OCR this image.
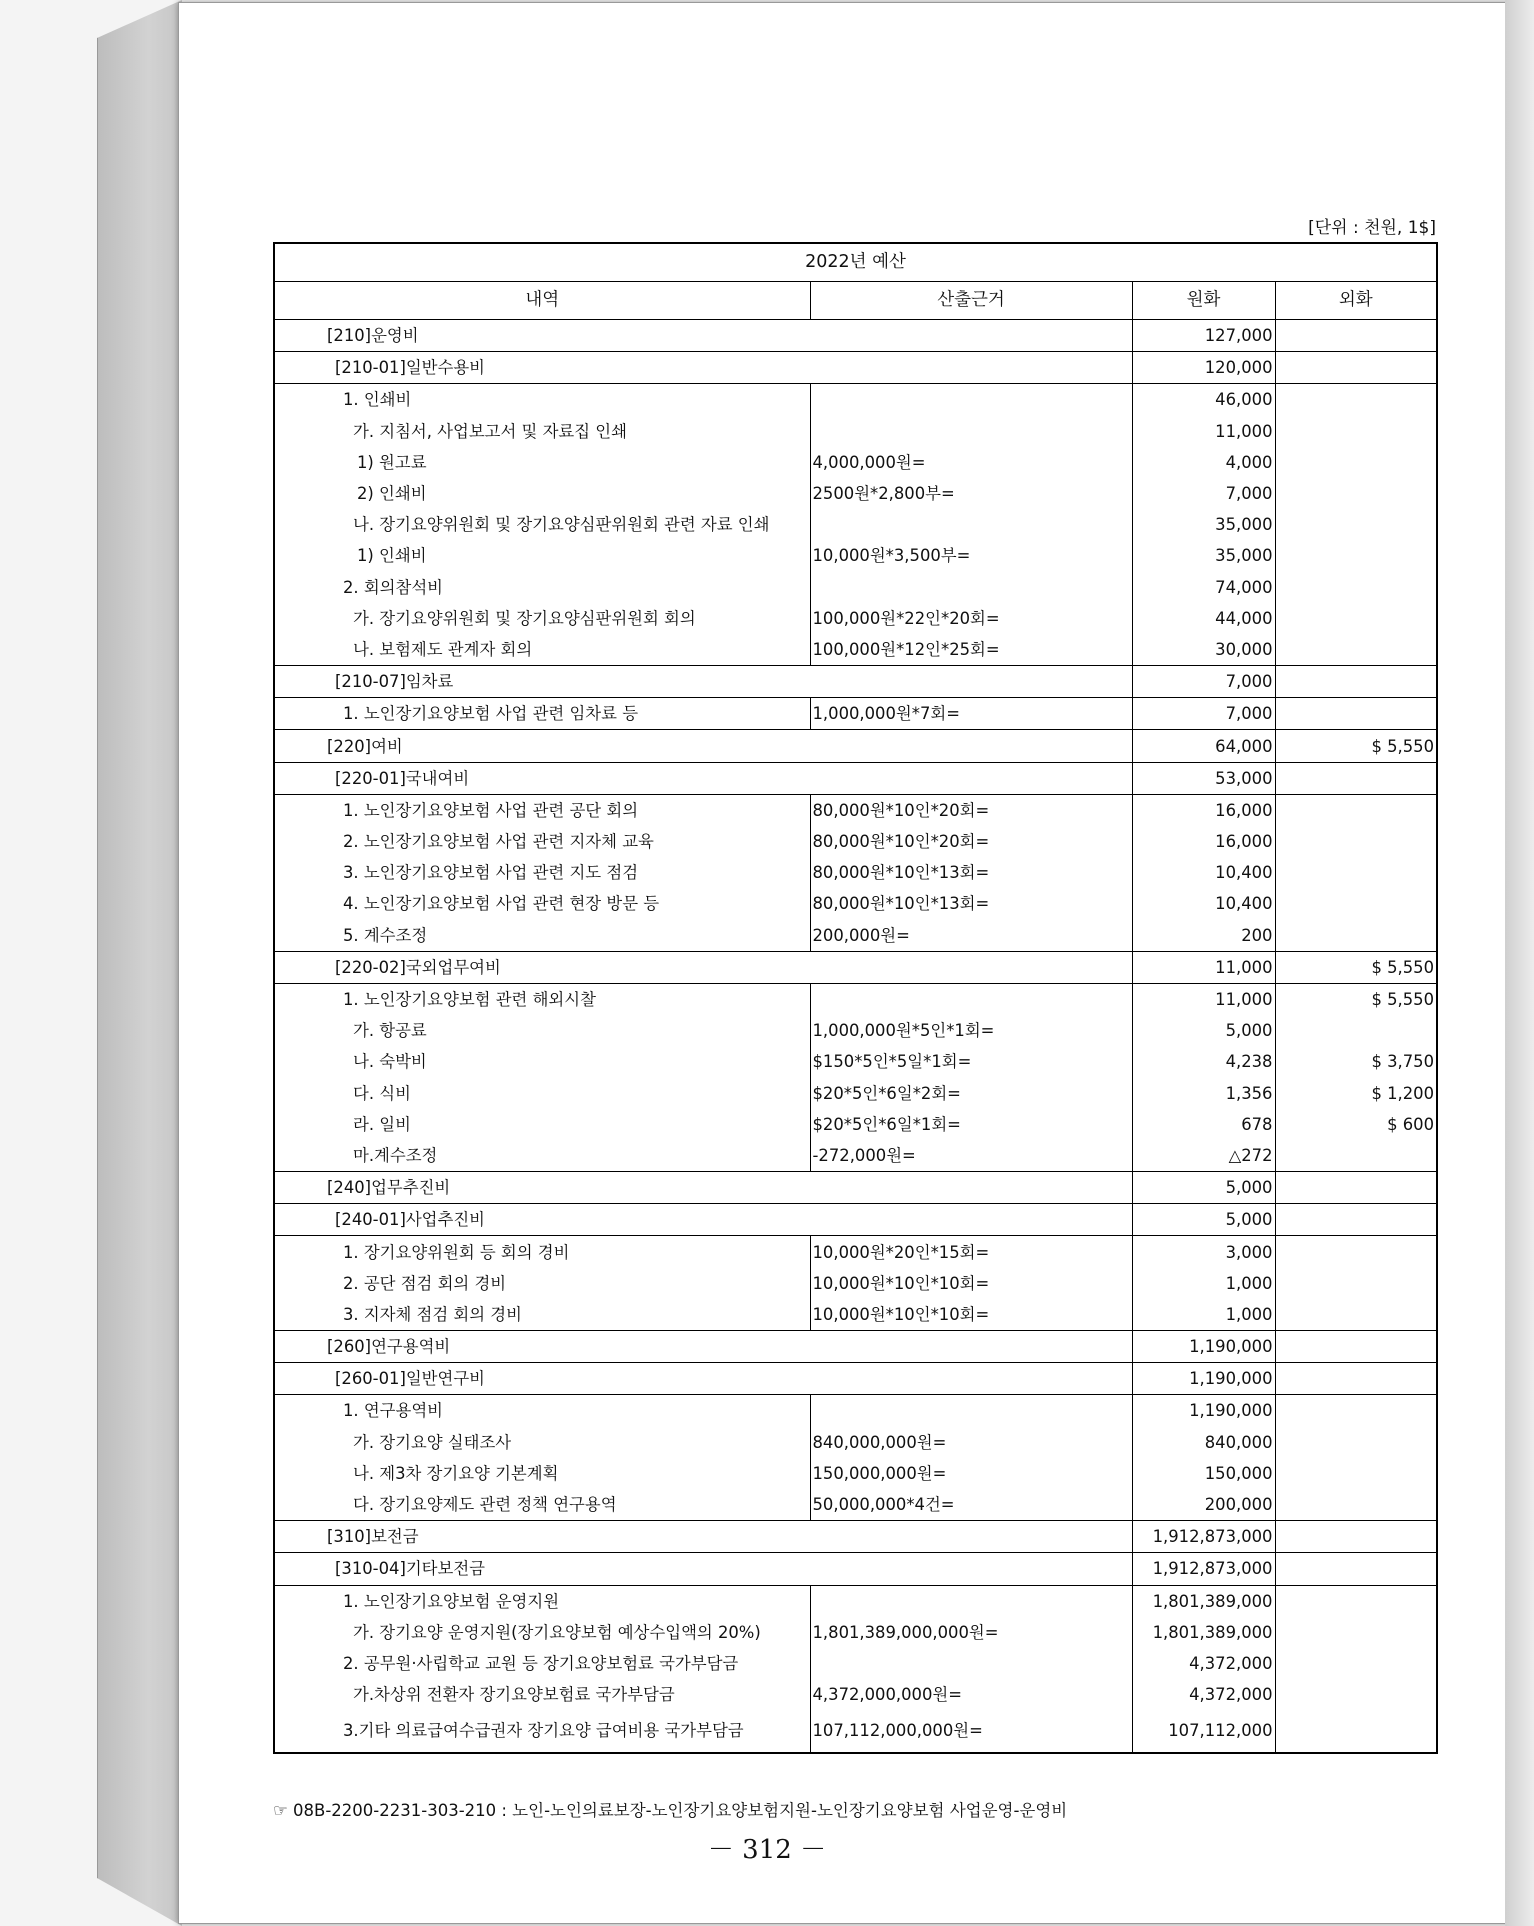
[단위 : 천원, 1$]
2022년 예산			
내역	산출근거	원화	외화
[210]운영비		127,000	
[210-01]일반수용비		120,000	
1. 인쇄비		46,000	
가. 지침서, 사업보고서 및 자료집 인쇄		11,000	
1) 원고료	4,000,000원=	4,000	
2) 인쇄비	2500원*2,800부=	7,000	
나. 장기요양위원회 및 장기요양심판위원회 관련 자료 인쇄		35,000	
1) 인쇄비	10,000원*3,500부=	35,000	
2. 회의참석비		74,000	
가. 장기요양위원회 및 장기요양심판위원회 회의	100,000원*22인*20회=	44,000	
나. 보험제도 관계자 회의	100,000원*12인*25회=	30,000	
[210-07]임차료		7,000	
1. 노인장기요양보험 사업 관련 임차료 등	1,000,000원*7회=	7,000	
[220]여비		64,000	$ 5,550
[220-01]국내여비		53,000	
1. 노인장기요양보험 사업 관련 공단 회의	80,000원*10인*20회=	16,000	
2. 노인장기요양보험 사업 관련 지자체 교육	80,000원*10인*20회=	16,000	
3. 노인장기요양보험 사업 관련 지도 점검	80,000원*10인*13회=	10,400	
4. 노인장기요양보험 사업 관련 현장 방문 등	80,000원*10인*13회=	10,400	
5. 계수조정	200,000원=	200	
[220-02]국외업무여비		11,000	$ 5,550
1. 노인장기요양보험 관련 해외시찰		11,000	$ 5,550
가. 항공료	1,000,000원*5인*1회=	5,000	
나. 숙박비	$150*5인*5일*1회=	4,238	$ 3,750
다. 식비	$20*5인*6일*2회=	1,356	$ 1,200
라. 일비	$20*5인*6일*1회=	678	$ 600
마.계수조정	-272,000원=	△272	
[240]업무추진비		5,000	
[240-01]사업추진비		5,000	
1. 장기요양위원회 등 회의 경비	10,000원*20인*15회=	3,000	
2. 공단 점검 회의 경비	10,000원*10인*10회=	1,000	
3. 지자체 점검 회의 경비	10,000원*10인*10회=	1,000	
[260]연구용역비		1,190,000	
[260-01]일반연구비		1,190,000	
1. 연구용역비		1,190,000	
가. 장기요양 실태조사	840,000,000원=	840,000	
나. 제3차 장기요양 기본계획	150,000,000원=	150,000	
다. 장기요양제도 관련 정책 연구용역	50,000,000*4건=	200,000	
[310]보전금		1,912,873,000	
[310-04]기타보전금		1,912,873,000	
1. 노인장기요양보험 운영지원		1,801,389,000	
가. 장기요양 운영지원(장기요양보험 예상수입액의 20%)	1,801,389,000,000원=	1,801,389,000	
2. 공무원·사립학교 교원 등 장기요양보험료 국가부담금		4,372,000	
가.차상위 전환자 장기요양보험료 국가부담금	4,372,000,000원=	4,372,000	
3.기타 의료급여수급권자 장기요양 급여비용 국가부담금	107,112,000,000원=	107,112,000	
☞ 08B-2200-2231-303-210 : 노인-노인의료보장-노인장기요양보험지원-노인장기요양보험 사업운영-운영비
－ 312 －
